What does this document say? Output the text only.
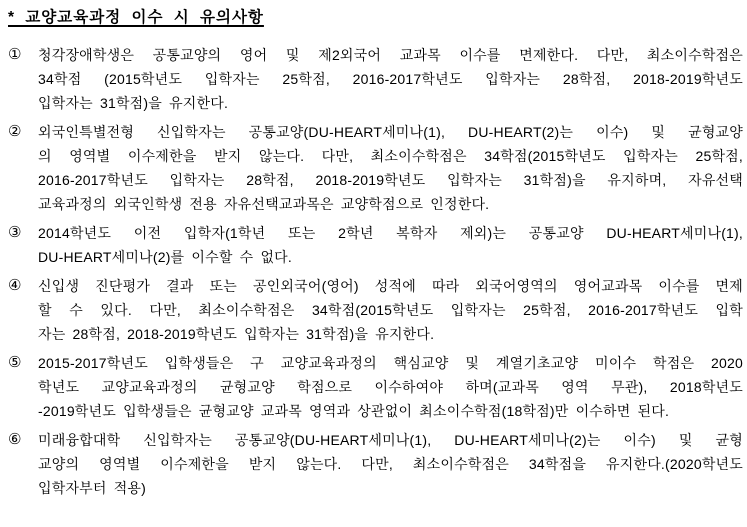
* 교양교육과정 이수 시 유의사항
①	청각장애학생은 공통교양의 영어 및 제2외국어 교과목 이수를 면제한다. 다만, 최소이수학점은
34학점 (2015학년도 입학자는 25학점, 2016-2017학년도 입학자는 28학점, 2018-2019학년도
입학자는 31학점)을 유지한다.
②	외국인특별전형 신입학자는 공통교양(DU-HEART세미나(1), DU-HEART(2)는 이수) 및 균형교양
의 영역별 이수제한을 받지 않는다. 다만, 최소이수학점은 34학점(2015학년도 입학자는 25학점,
2016-2017학년도 입학자는 28학점, 2018-2019학년도 입학자는 31학점)을 유지하며, 자유선택
교육과정의 외국인학생 전용 자유선택교과목은 교양학점으로 인정한다.
③	2014학년도 이전 입학자(1학년 또는 2학년 복학자 제외)는 공통교양 DU-HEART세미나(1),
DU-HEART세미나(2)를 이수할 수 없다.
④	신입생 진단평가 결과 또는 공인외국어(영어) 성적에 따라 외국어영역의 영어교과목 이수를 면제
할 수 있다. 다만, 최소이수학점은 34학점(2015학년도 입학자는 25학점, 2016-2017학년도 입학
자는 28학점, 2018-2019학년도 입학자는 31학점)을 유지한다.
⑤	2015-2017학년도 입학생들은 구 교양교육과정의 핵심교양 및 계열기초교양 미이수 학점은 2020
학년도 교양교육과정의 균형교양 학점으로 이수하여야 하며(교과목 영역 무관), 2018학년도
-2019학년도 입학생들은 균형교양 교과목 영역과 상관없이 최소이수학점(18학점)만 이수하면 된다.
⑥	미래융합대학 신입학자는 공통교양(DU-HEART세미나(1), DU-HEART세미나(2)는 이수) 및 균형
교양의 영역별 이수제한을 받지 않는다. 다만, 최소이수학점은 34학점을 유지한다.(2020학년도
입학자부터 적용)
